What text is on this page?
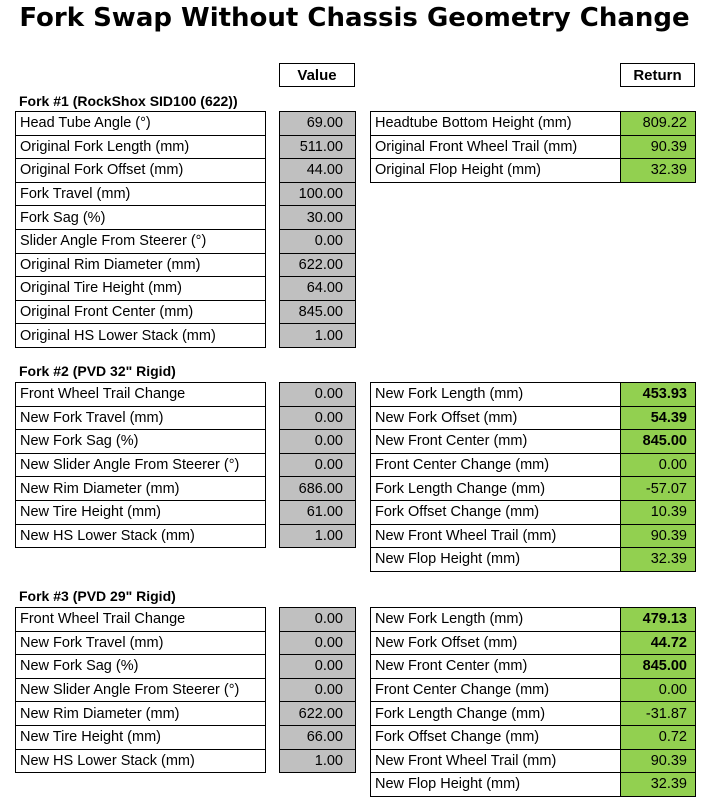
Fork Swap Without Chassis Geometry Change
Value	Return
Fork #1 (RockShox SID100 (622))
Head Tube Angle (°)		69.00		Headtube Bottom Height (mm)	809.22
Original Fork Length (mm)		511.00		Original Front Wheel Trail (mm)	90.39
Original Fork Offset (mm)		44.00		Original Flop Height (mm)	32.39
Fork Travel (mm)		100.00			
Fork Sag (%)		30.00			
Slider Angle From Steerer (°)		0.00			
Original Rim Diameter (mm)		622.00			
Original Tire Height (mm)		64.00			
Original Front Center (mm)		845.00			
Original HS Lower Stack (mm)		1.00			
Fork #2 (PVD 32" Rigid)
Front Wheel Trail Change		0.00		New Fork Length (mm)	453.93
New Fork Travel (mm)		0.00		New Fork Offset (mm)	54.39
New Fork Sag (%)		0.00		New Front Center (mm)	845.00
New Slider Angle From Steerer (°)		0.00		Front Center Change (mm)	0.00
New Rim Diameter (mm)		686.00		Fork Length Change (mm)	-57.07
New Tire Height (mm)		61.00		Fork Offset Change (mm)	10.39
New HS Lower Stack (mm)		1.00		New Front Wheel Trail (mm)	90.39
				New Flop Height (mm)	32.39
Fork #3 (PVD 29" Rigid)
Front Wheel Trail Change		0.00		New Fork Length (mm)	479.13
New Fork Travel (mm)		0.00		New Fork Offset (mm)	44.72
New Fork Sag (%)		0.00		New Front Center (mm)	845.00
New Slider Angle From Steerer (°)		0.00		Front Center Change (mm)	0.00
New Rim Diameter (mm)		622.00		Fork Length Change (mm)	-31.87
New Tire Height (mm)		66.00		Fork Offset Change (mm)	0.72
New HS Lower Stack (mm)		1.00		New Front Wheel Trail (mm)	90.39
				New Flop Height (mm)	32.39
